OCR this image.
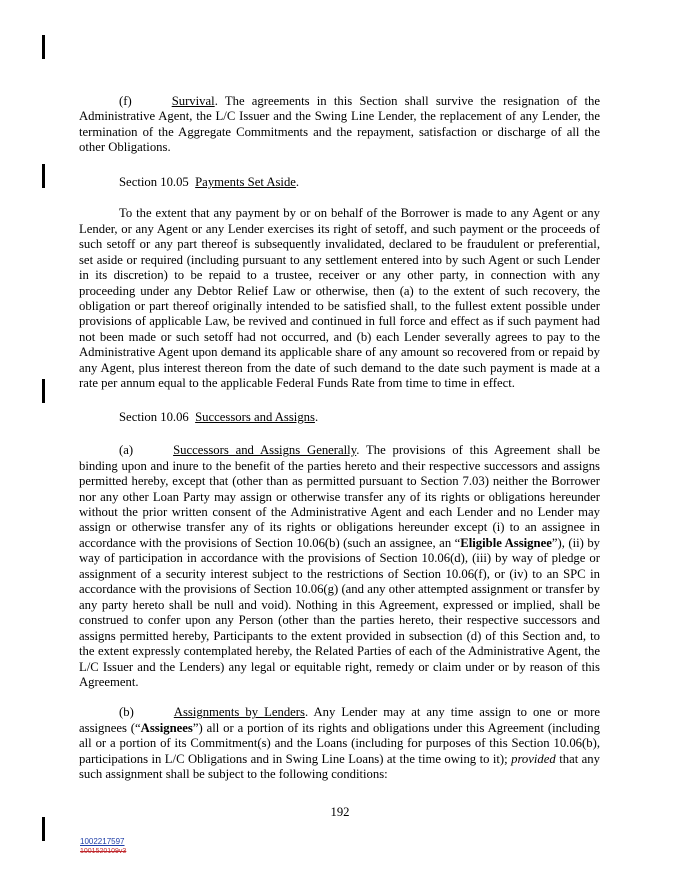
(f)	Survival. The agreements in this Section shall survive the resignation of the Administrative Agent, the L/C Issuer and the Swing Line Lender, the replacement of any Lender, the termination of the Aggregate Commitments and the repayment, satisfaction or discharge of all the other Obligations.

Section 10.05 Payments Set Aside.

To the extent that any payment by or on behalf of the Borrower is made to any Agent or any Lender, or any Agent or any Lender exercises its right of setoff, and such payment or the proceeds of such setoff or any part thereof is subsequently invalidated, declared to be fraudulent or preferential, set aside or required (including pursuant to any settlement entered into by such Agent or such Lender in its discretion) to be repaid to a trustee, receiver or any other party, in connection with any proceeding under any Debtor Relief Law or otherwise, then (a) to the extent of such recovery, the obligation or part thereof originally intended to be satisfied shall, to the fullest extent possible under provisions of applicable Law, be revived and continued in full force and effect as if such payment had not been made or such setoff had not occurred, and (b) each Lender severally agrees to pay to the Administrative Agent upon demand its applicable share of any amount so recovered from or repaid by any Agent, plus interest thereon from the date of such demand to the date such payment is made at a rate per annum equal to the applicable Federal Funds Rate from time to time in effect.

Section 10.06 Successors and Assigns.

(a)	Successors and Assigns Generally. The provisions of this Agreement shall be binding upon and inure to the benefit of the parties hereto and their respective successors and assigns permitted hereby, except that (other than as permitted pursuant to Section 7.03) neither the Borrower nor any other Loan Party may assign or otherwise transfer any of its rights or obligations hereunder without the prior written consent of the Administrative Agent and each Lender and no Lender may assign or otherwise transfer any of its rights or obligations hereunder except (i) to an assignee in accordance with the provisions of Section 10.06(b) (such an assignee, an “Eligible Assignee”), (ii) by way of participation in accordance with the provisions of Section 10.06(d), (iii) by way of pledge or assignment of a security interest subject to the restrictions of Section 10.06(f), or (iv) to an SPC in accordance with the provisions of Section 10.06(g) (and any other attempted assignment or transfer by any party hereto shall be null and void). Nothing in this Agreement, expressed or implied, shall be construed to confer upon any Person (other than the parties hereto, their respective successors and assigns permitted hereby, Participants to the extent provided in subsection (d) of this Section and, to the extent expressly contemplated hereby, the Related Parties of each of the Administrative Agent, the L/C Issuer and the Lenders) any legal or equitable right, remedy or claim under or by reason of this Agreement.

(b)	Assignments by Lenders. Any Lender may at any time assign to one or more assignees (“Assignees”) all or a portion of its rights and obligations under this Agreement (including all or a portion of its Commitment(s) and the Loans (including for purposes of this Section 10.06(b), participations in L/C Obligations and in Swing Line Loans) at the time owing to it); provided that any such assignment shall be subject to the following conditions:

192
1002217597
1001520109v3
